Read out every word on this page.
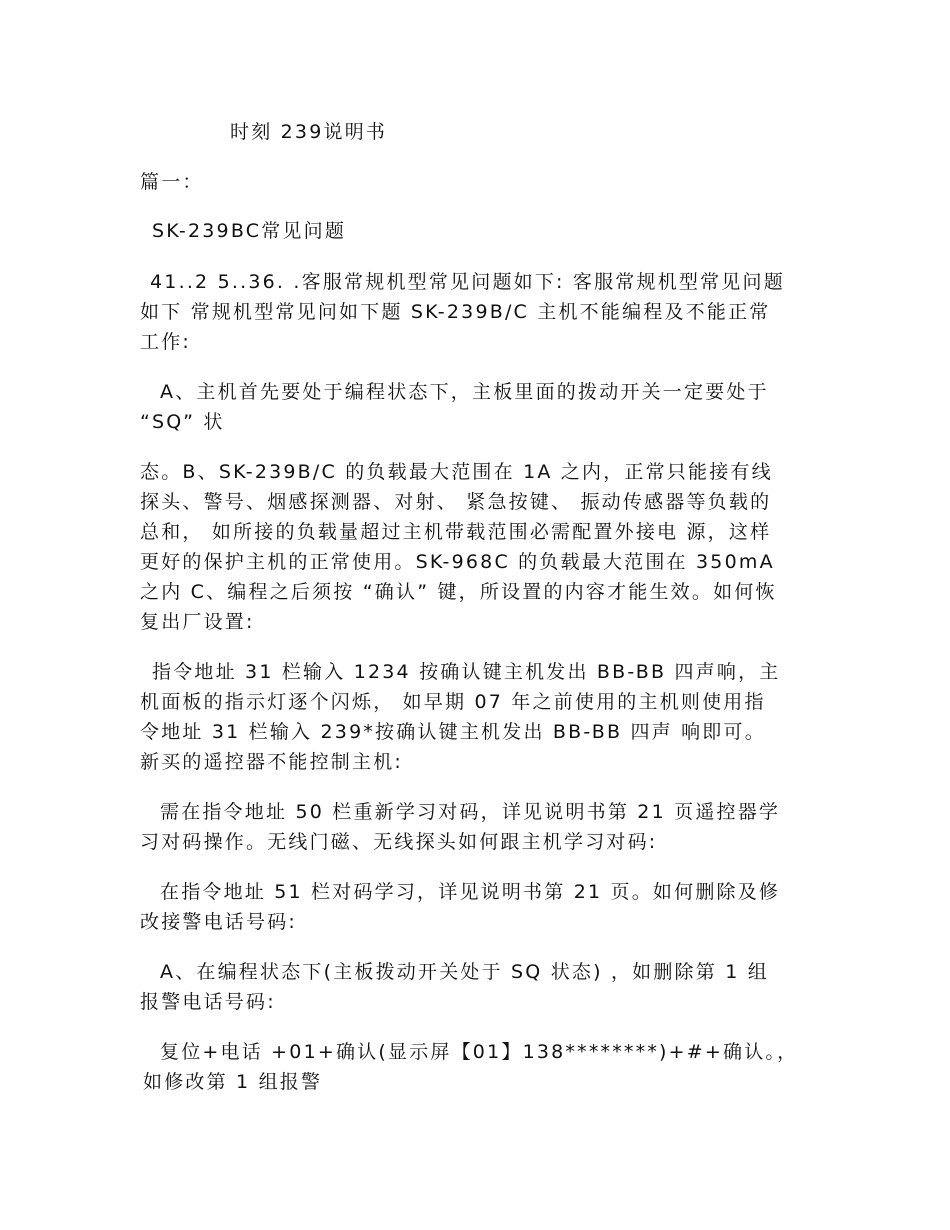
时刻 239说明书
篇一：
SK-239BC常见问题
41..2 5..36. .客服常规机型常见问题如下: 客服常规机型常见问题
如下 常规机型常见问如下题 SK-239B/C 主机不能编程及不能正常
工作:
A、主机首先要处于编程状态下，主板里面的拨动开关一定要处于
“SQ” 状
态。B、SK-239B/C 的负载最大范围在 1A 之内，正常只能接有线
探头、警号、烟感探测器、对射、 紧急按键、 振动传感器等负载的
总和， 如所接的负载量超过主机带载范围必需配置外接电 源，这样
更好的保护主机的正常使用。SK-968C 的负载最大范围在 350mA
之内 C、编程之后须按 “确认” 键，所设置的内容才能生效。如何恢
复出厂设置:
指令地址 31 栏输入 1234 按确认键主机发出 BB-BB 四声响，主
机面板的指示灯逐个闪烁， 如早期 07 年之前使用的主机则使用指
令地址 31 栏输入 239*按确认键主机发出 BB-BB 四声 响即可。
新买的遥控器不能控制主机:
需在指令地址 50 栏重新学习对码，详见说明书第 21 页遥控器学
习对码操作。无线门磁、无线探头如何跟主机学习对码:
在指令地址 51 栏对码学习，详见说明书第 21 页。如何删除及修
改接警电话号码:
A、在编程状态下(主板拨动开关处于 SQ 状态) ，如删除第 1 组
报警电话号码:
复位+电话 +01+确认(显示屏【01】138********)+#+确认。，
如修改第 1 组报警
